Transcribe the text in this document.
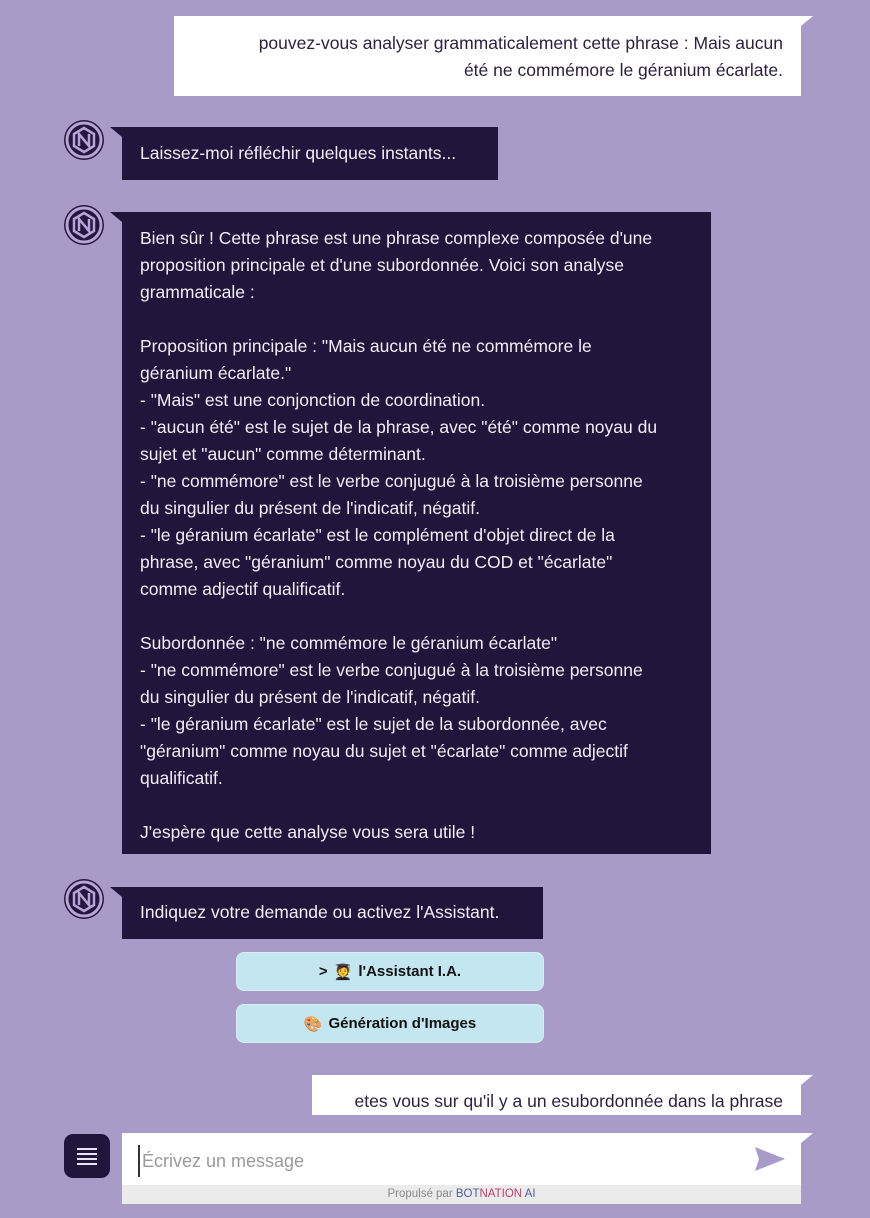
pouvez-vous analyser grammaticalement cette phrase : Mais aucun
été ne commémore le géranium écarlate.
Laissez-moi réfléchir quelques instants...
Bien sûr ! Cette phrase est une phrase complexe composée d'une
proposition principale et d'une subordonnée. Voici son analyse
grammaticale :

Proposition principale : "Mais aucun été ne commémore le
géranium écarlate."
- "Mais" est une conjonction de coordination.
- "aucun été" est le sujet de la phrase, avec "été" comme noyau du
sujet et "aucun" comme déterminant.
- "ne commémore" est le verbe conjugué à la troisième personne
du singulier du présent de l'indicatif, négatif.
- "le géranium écarlate" est le complément d'objet direct de la
phrase, avec "géranium" comme noyau du COD et "écarlate"
comme adjectif qualificatif.

Subordonnée : "ne commémore le géranium écarlate"
- "ne commémore" est le verbe conjugué à la troisième personne
du singulier du présent de l'indicatif, négatif.
- "le géranium écarlate" est le sujet de la subordonnée, avec
"géranium" comme noyau du sujet et "écarlate" comme adjectif
qualificatif.

J'espère que cette analyse vous sera utile !
Indiquez votre demande ou activez l'Assistant.
> 🧑‍🎓 l'Assistant I.A.
🎨 Génération d'Images
etes vous sur qu'il y a un esubordonnée dans la phrase
Écrivez un message
Propulsé par BOTNATION AI
